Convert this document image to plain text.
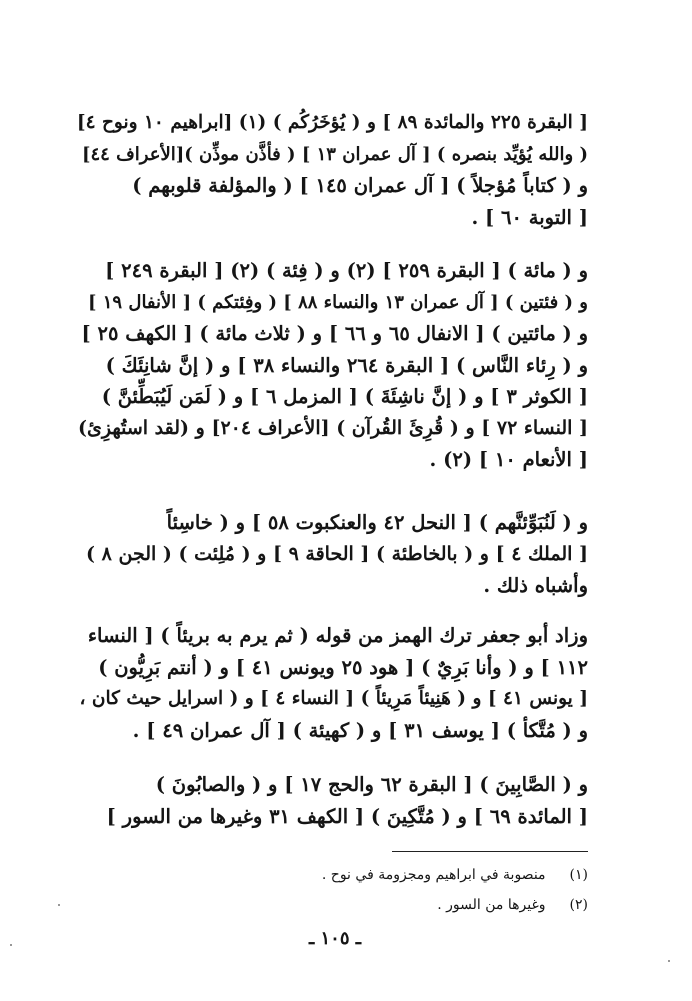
[ البقرة ٢٢٥ والمائدة ٨٩ ] و ( يُؤخَرُكُم ) (١) [ابراهيم ١٠ ونوح ٤]
( والله يُؤيِّد بنصره ) [ آل عمران ١٣ ] ( فأذَّن موذِّن )[الأعراف ٤٤]
و ( كتاباً مُؤجلاً ) [ آل عمران ١٤٥ ] ( والمؤلفة قلوبهم )
[ التوبة ٦٠ ] .
و ( مائة ) [ البقرة ٢٥٩ ] (٢) و ( فِئة ) (٢) [ البقرة ٢٤٩ ]
و ( فئتين ) [ آل عمران ١٣ والنساء ٨٨ ] ( وفِئتكم ) [ الأنفال ١٩ ]
و ( مائتين ) [ الانفال ٦٥ و ٦٦ ] و ( ثلاث مائة ) [ الكهف ٢٥ ]
و ( رِئاء النَّاس ) [ البقرة ٢٦٤ والنساء ٣٨ ] و ( إنَّ شانِئَكَ )
[ الكوثر ٣ ] و ( إنَّ ناشِئَةَ ) [ المزمل ٦ ] و ( لَمَن لَيُبَطِّئنَّ )
[ النساء ٧٢ ] و ( قُرِئَ القُرآن ) [الأعراف ٢٠٤] و (لقد استُهزِئ)
[ الأنعام ١٠ ] (٢) .
و ( لَنُبَوِّئنَّهم ) [ النحل ٤٢ والعنكبوت ٥٨ ] و ( خاسِئاً
[ الملك ٤ ] و ( بالخاطئة ) [ الحاقة ٩ ] و ( مُلِئت ) ( الجن ٨ )
وأشباه ذلك .
وزاد أبو جعفر ترك الهمز من قوله ( ثم يرم به بريئاً ) [ النساء
١١٢ ] و ( وأنا بَرِيٌ ) [ هود ٢٥ ويونس ٤١ ] و ( أنتم بَرِيُّون )
[ يونس ٤١ ] و ( هَنِيئاً مَرِيئاً ) [ النساء ٤ ] و ( اسرايل حيث كان ،
و ( مُتَّكأ ) [ يوسف ٣١ ] و ( كهيئة ) [ آل عمران ٤٩ ] .
و ( الصَّابِينَ ) [ البقرة ٦٢ والحج ١٧ ] و ( والصابُونَ )
[ المائدة ٦٩ ] و ( مُتَّكِينَ ) [ الكهف ٣١ وغيرها من السور ]
(١) منصوبة في ابراهيم ومجزومة في نوح .
(٢) وغيرها من السور .
ـ ١٠٥ ـ
